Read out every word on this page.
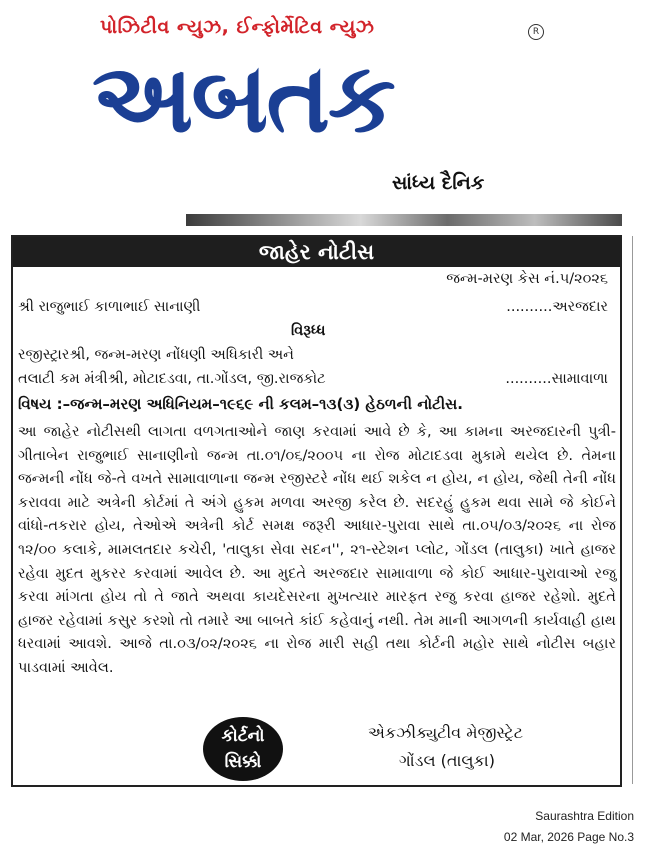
પોઝિટીવ ન્યુઝ, ઈન્ફોર્મેટિવ ન્યુઝ	R
અબતક
સાંધ્ય દૈનિક
જાહેર નોટીસ
જન્મ-મરણ કેસ નં.૫/૨૦૨૬
શ્રી રાજુભાઈ કાળાભાઈ સાનાણી	..........અરજદાર
વિરૂધ્ધ
રજીસ્ટ્રારશ્રી, જન્મ-મરણ નોંધણી અધિકારી અને
તલાટી કમ મંત્રીશ્રી, મોટાદડવા, તા.ગોંડલ, જી.રાજકોટ	..........સામાવાળા
વિષય :–જન્મ–મરણ અધિનિયમ–૧૯૬૯ ની કલમ–૧૩(૩) હેઠળની નોટીસ.
આ જાહેર નોટીસથી લાગતા વળગતાઓને જાણ કરવામાં આવે છે કે, આ કામના અરજદારની પુત્રી-ગીતાબેન રાજુભાઈ સાનાણીનો જન્મ તા.૦૧/૦૬/૨૦૦૫ ના રોજ મોટાદડવા મુકામે થયેલ છે. તેમના જન્મની નોંધ જે-તે વખતે સામાવાળાના જન્મ રજીસ્ટરે નોંધ થઈ શકેલ ન હોય, ન હોય, જેથી તેની નોંધ કરાવવા માટે અત્રેની કોર્ટમાં તે અંગે હુકમ મળવા અરજી કરેલ છે. સદરહું હુકમ થવા સામે જે કોઈને વાંધો-તકરાર હોય, તેઓએ અત્રેની કોર્ટ સમક્ષ જરૂરી આધાર-પુરાવા સાથે તા.૦૫/૦૩/૨૦૨૬ ના રોજ ૧૨/૦૦ કલાકે, મામલતદાર કચેરી, 'તાલુકા સેવા સદન'', ૨૧-સ્ટેશન પ્લોટ, ગોંડલ (તાલુકા) ખાતે હાજર રહેવા મુદત મુકરર કરવામાં આવેલ છે. આ મુદતે અરજદાર સામાવાળા જે કોઈ આધાર-પુરાવાઓ રજુ કરવા માંગતા હોય તો તે જાતે અથવા કાયદેસરના મુખત્યાર મારફત રજુ કરવા હાજર રહેશો. મુદતે હાજર રહેવામાં કસુર કરશો તો તમારે આ બાબતે કાંઈ કહેવાનું નથી. તેમ માની આગળની કાર્યવાહી હાથ ધરવામાં આવશે. આજે તા.૦૩/૦૨/૨૦૨૬ ના રોજ મારી સહી તથા કોર્ટની મહોર સાથે નોટીસ બહાર પાડવામાં આવેલ.
કોર્ટનો
સિક્કો
એકઝીક્યુટીવ મેજીસ્ટ્રેટ
ગોંડલ (તાલુકા)
Saurashtra Edition
02 Mar, 2026 Page No.3
